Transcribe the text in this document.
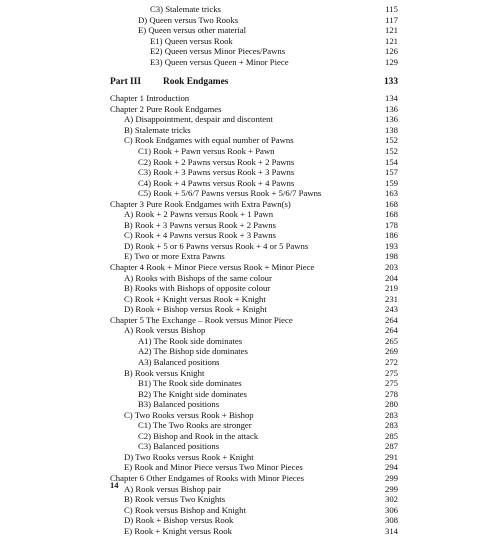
C3) Stalemate tricks	115
D) Queen versus Two Rooks	117
E) Queen versus other material	121
E1) Queen versus Rook	121
E2) Queen versus Minor Pieces/Pawns	126
E3) Queen versus Queen + Minor Piece	129
Part III Rook Endgames	133
Chapter 1 Introduction	134
Chapter 2 Pure Rook Endgames	136
A) Disappointment, despair and discontent	136
B) Stalemate tricks	138
C) Rook Endgames with equal number of Pawns	152
C1) Rook + Pawn versus Rook + Pawn	152
C2) Rook + 2 Pawns versus Rook + 2 Pawns	154
C3) Rook + 3 Pawns versus Rook + 3 Pawns	157
C4) Rook + 4 Pawns versus Rook + 4 Pawns	159
C5) Rook + 5/6/7 Pawns versus Rook + 5/6/7 Pawns	163
Chapter 3 Pure Rook Endgames with Extra Pawn(s)	168
A) Rook + 2 Pawns versus Rook + 1 Pawn	168
B) Rook + 3 Pawns versus Rook + 2 Pawns	178
C) Rook + 4 Pawns versus Rook + 3 Pawns	186
D) Rook + 5 or 6 Pawns versus Rook + 4 or 5 Pawns	193
E) Two or more Extra Pawns	198
Chapter 4 Rook + Minor Piece versus Rook + Minor Piece	203
A) Rooks with Bishops of the same colour	204
B) Rooks with Bishops of opposite colour	219
C) Rook + Knight versus Rook + Knight	231
D) Rook + Bishop versus Rook + Knight	243
Chapter 5 The Exchange – Rook versus Minor Piece	264
A) Rook versus Bishop	264
A1) The Rook side dominates	265
A2) The Bishop side dominates	269
A3) Balanced positions	272
B) Rook versus Knight	275
B1) The Rook side dominates	275
B2) The Knight side dominates	278
B3) Balanced positions	280
C) Two Rooks versus Rook + Bishop	283
C1) The Two Rooks are stronger	283
C2) Bishop and Rook in the attack	285
C3) Balanced positions	287
D) Two Rooks versus Rook + Knight	291
E) Rook and Minor Piece versus Two Minor Pieces	294
Chapter 6 Other Endgames of Rooks with Minor Pieces	299
A) Rook versus Bishop pair	299
B) Rook versus Two Knights	302
C) Rook versus Bishop and Knight	306
D) Rook + Bishop versus Rook	308
E) Rook + Knight versus Rook	314
14
